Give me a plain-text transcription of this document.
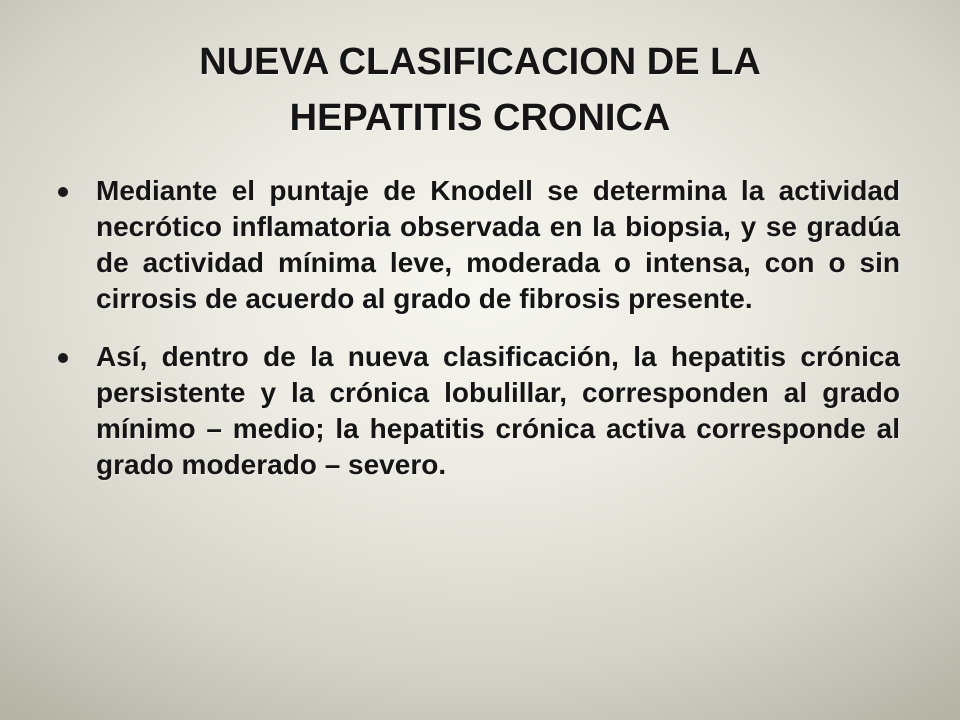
NUEVA CLASIFICACION DE LA
HEPATITIS CRONICA
Mediante el puntaje de Knodell se determina la actividad necrótico inflamatoria observada en la biopsia, y se gradúa de actividad mínima leve, moderada o intensa, con o sin cirrosis de acuerdo al grado de fibrosis presente.
Así, dentro de la nueva clasificación, la hepatitis crónica persistente y la crónica lobulillar, corresponden al grado mínimo – medio; la hepatitis crónica activa corresponde al grado moderado – severo.
